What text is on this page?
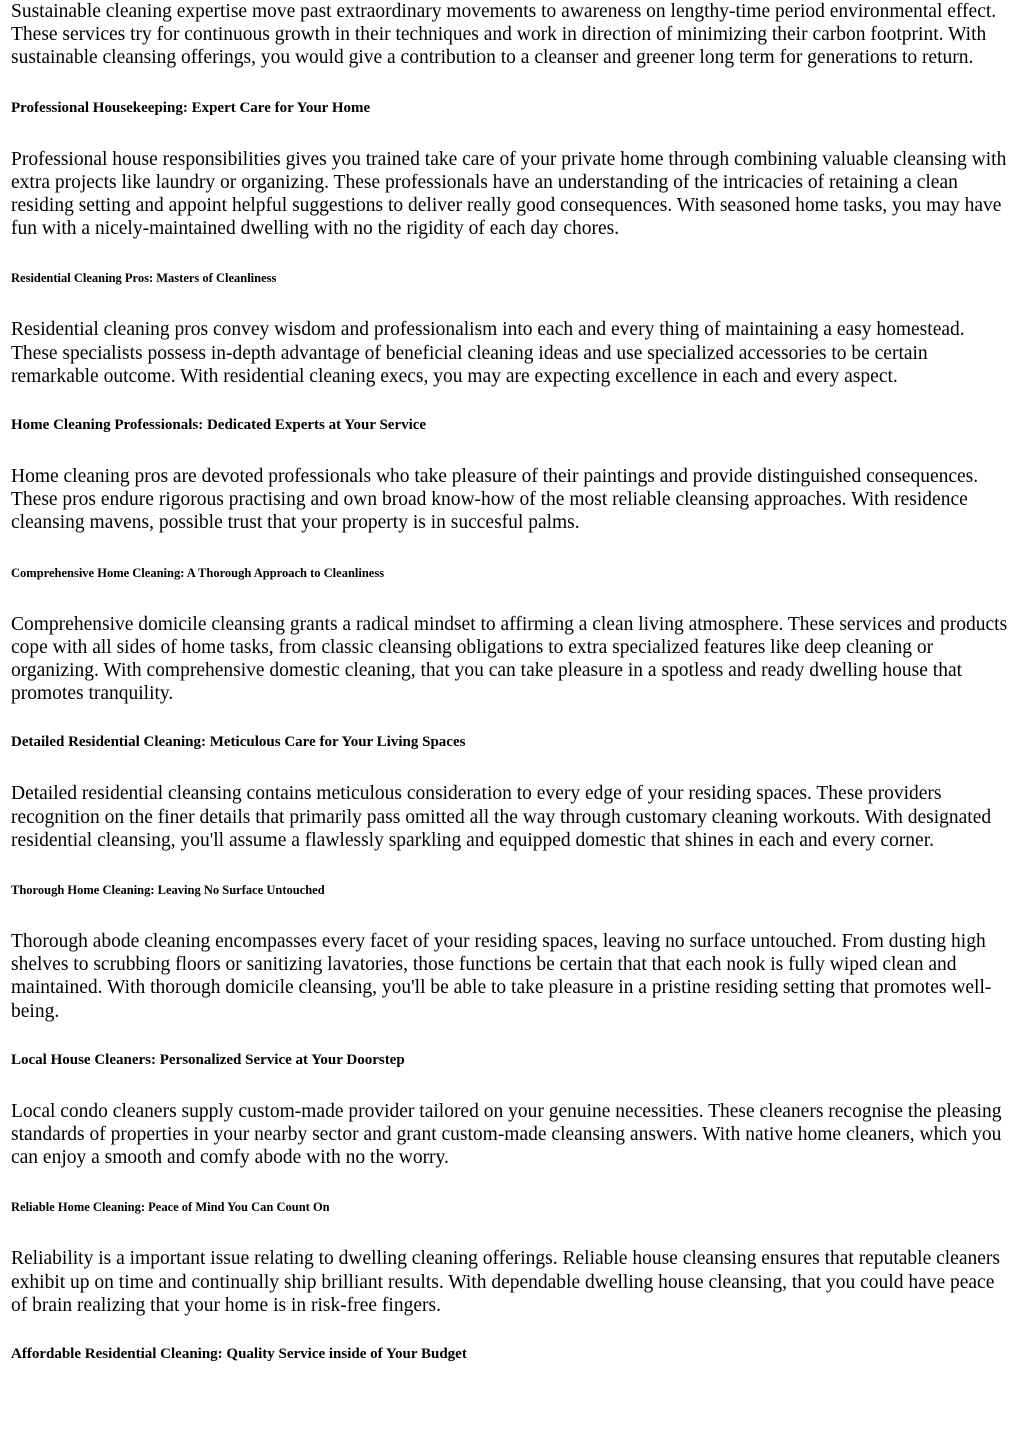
Sustainable cleaning expertise move past extraordinary movements to awareness on lengthy-time period environmental effect. These services try for continuous growth in their techniques and work in direction of minimizing their carbon footprint. With sustainable cleansing offerings, you would give a contribution to a cleanser and greener long term for generations to return.

Professional Housekeeping: Expert Care for Your Home

Professional house responsibilities gives you trained take care of your private home through combining valuable cleansing with extra projects like laundry or organizing. These professionals have an understanding of the intricacies of retaining a clean residing setting and appoint helpful suggestions to deliver really good consequences. With seasoned home tasks, you may have fun with a nicely-maintained dwelling with no the rigidity of each day chores.

Residential Cleaning Pros: Masters of Cleanliness

Residential cleaning pros convey wisdom and professionalism into each and every thing of maintaining a easy homestead. These specialists possess in-depth advantage of beneficial cleaning ideas and use specialized accessories to be certain remarkable outcome. With residential cleaning execs, you may are expecting excellence in each and every aspect.

Home Cleaning Professionals: Dedicated Experts at Your Service

Home cleaning pros are devoted professionals who take pleasure of their paintings and provide distinguished consequences. These pros endure rigorous practising and own broad know-how of the most reliable cleansing approaches. With residence cleansing mavens, possible trust that your property is in succesful palms.

Comprehensive Home Cleaning: A Thorough Approach to Cleanliness

Comprehensive domicile cleansing grants a radical mindset to affirming a clean living atmosphere. These services and products cope with all sides of home tasks, from classic cleansing obligations to extra specialized features like deep cleaning or organizing. With comprehensive domestic cleaning, that you can take pleasure in a spotless and ready dwelling house that promotes tranquility.

Detailed Residential Cleaning: Meticulous Care for Your Living Spaces

Detailed residential cleansing contains meticulous consideration to every edge of your residing spaces. These providers recognition on the finer details that primarily pass omitted all the way through customary cleaning workouts. With designated residential cleansing, you'll assume a flawlessly sparkling and equipped domestic that shines in each and every corner.

Thorough Home Cleaning: Leaving No Surface Untouched

Thorough abode cleaning encompasses every facet of your residing spaces, leaving no surface untouched. From dusting high shelves to scrubbing floors or sanitizing lavatories, those functions be certain that that each nook is fully wiped clean and maintained. With thorough domicile cleansing, you'll be able to take pleasure in a pristine residing setting that promotes well-being.

Local House Cleaners: Personalized Service at Your Doorstep

Local condo cleaners supply custom-made provider tailored on your genuine necessities. These cleaners recognise the pleasing standards of properties in your nearby sector and grant custom-made cleansing answers. With native home cleaners, which you can enjoy a smooth and comfy abode with no the worry.

Reliable Home Cleaning: Peace of Mind You Can Count On

Reliability is a important issue relating to dwelling cleaning offerings. Reliable house cleansing ensures that reputable cleaners exhibit up on time and continually ship brilliant results. With dependable dwelling house cleansing, that you could have peace of brain realizing that your home is in risk-free fingers.

Affordable Residential Cleaning: Quality Service inside of Your Budget
